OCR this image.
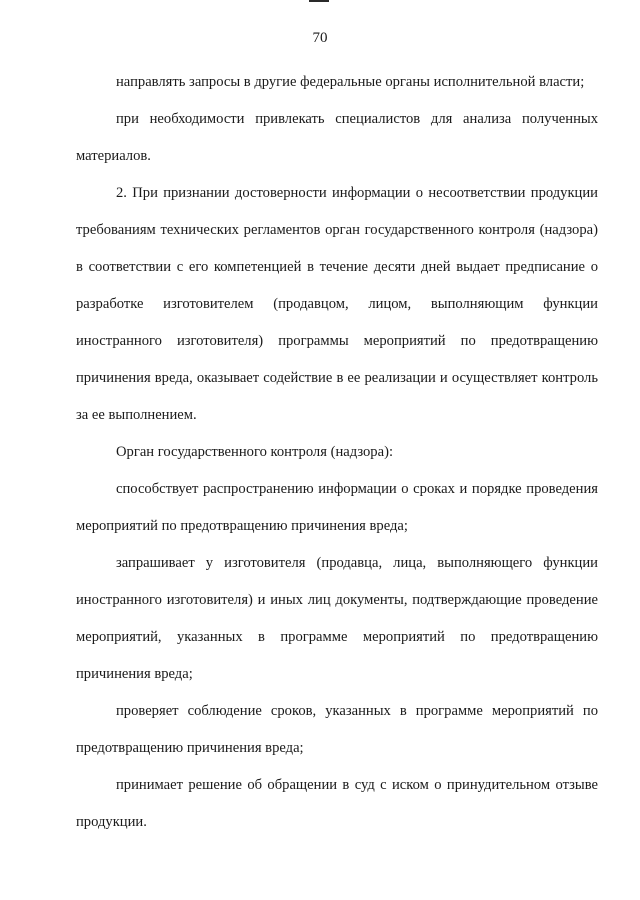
70

направлять запросы в другие федеральные органы исполнительной власти;

при необходимости привлекать специалистов для анализа полученных материалов.

2. При признании достоверности информации о несоответствии продукции требованиям технических регламентов орган государственного контроля (надзора) в соответствии с его компетенцией в течение десяти дней выдает предписание о разработке изготовителем (продавцом, лицом, выполняющим функции иностранного изготовителя) программы мероприятий по предотвращению причинения вреда, оказывает содействие в ее реализации и осуществляет контроль за ее выполнением.

Орган государственного контроля (надзора):

способствует распространению информации о сроках и порядке проведения мероприятий по предотвращению причинения вреда;

запрашивает у изготовителя (продавца, лица, выполняющего функции иностранного изготовителя) и иных лиц документы, подтверждающие проведение мероприятий, указанных в программе мероприятий по предотвращению причинения вреда;

проверяет соблюдение сроков, указанных в программе мероприятий по предотвращению причинения вреда;

принимает решение об обращении в суд с иском о принудительном отзыве продукции.
